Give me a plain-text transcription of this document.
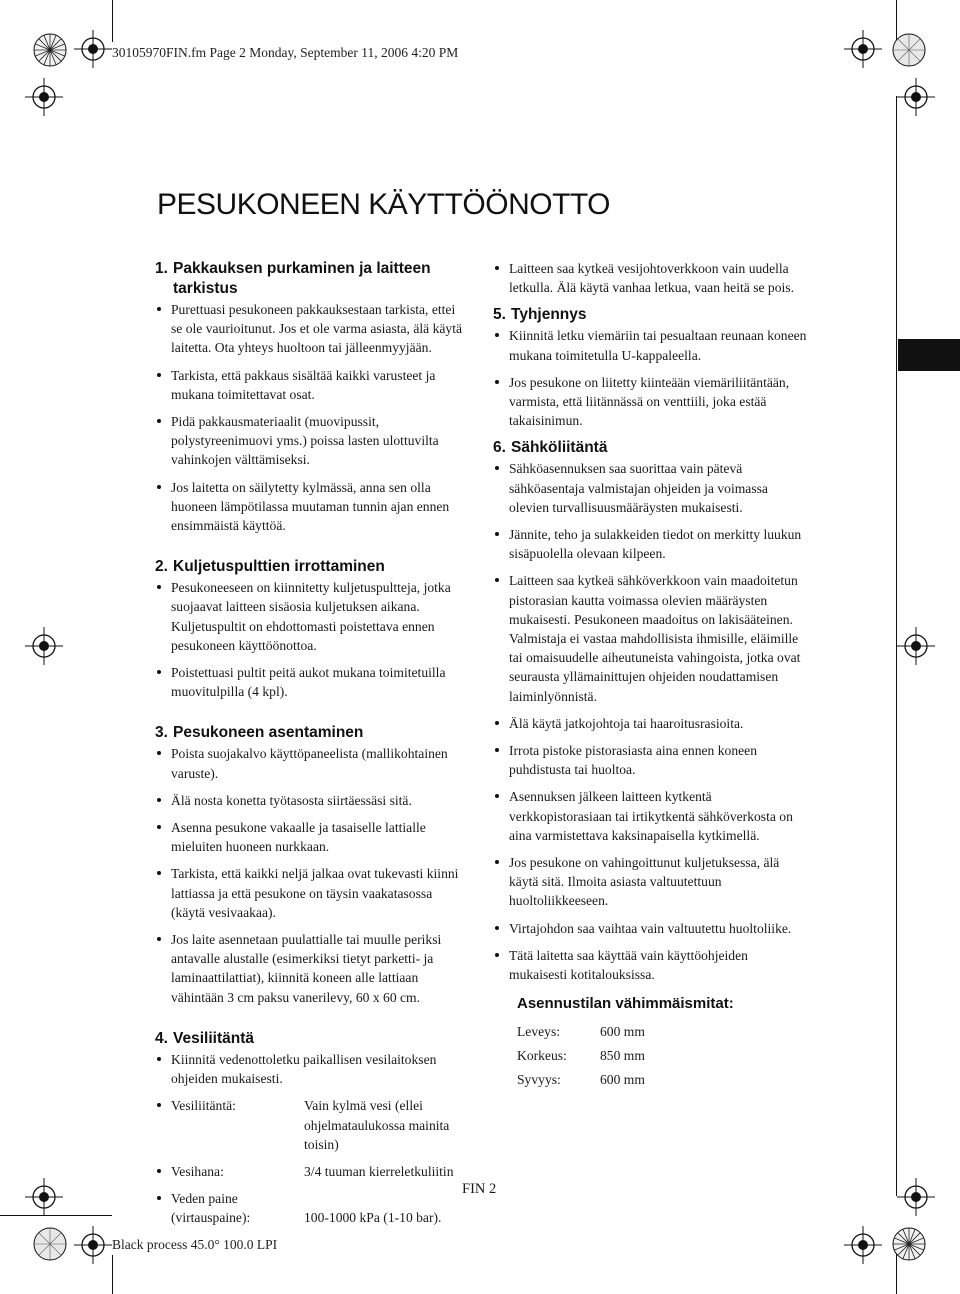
30105970FIN.fm Page 2 Monday, September 11, 2006 4:20 PM
Black process 45.0° 100.0 LPI
PESUKONEEN KÄYTTÖÖNOTTO
1. Pakkauksen purkaminen ja laitteen tarkistus
Purettuasi pesukoneen pakkauksestaan tarkista, ettei se ole vaurioitunut. Jos et ole varma asiasta, älä käytä laitetta. Ota yhteys huoltoon tai jälleenmyyjään.
Tarkista, että pakkaus sisältää kaikki varusteet ja mukana toimitettavat osat.
Pidä pakkausmateriaalit (muovipussit, polystyreenimuovi yms.) poissa lasten ulottuvilta vahinkojen välttämiseksi.
Jos laitetta on säilytetty kylmässä, anna sen olla huoneen lämpötilassa muutaman tunnin ajan ennen ensimmäistä käyttöä.
2. Kuljetuspulttien irrottaminen
Pesukoneeseen on kiinnitetty kuljetuspultteja, jotka suojaavat laitteen sisäosia kuljetuksen aikana. Kuljetuspultit on ehdottomasti poistettava ennen pesukoneen käyttöönottoa.
Poistettuasi pultit peitä aukot mukana toimitetuilla muovitulpilla (4 kpl).
3. Pesukoneen asentaminen
Poista suojakalvo käyttöpaneelista (mallikohtainen varuste).
Älä nosta konetta työtasosta siirtäessäsi sitä.
Asenna pesukone vakaalle ja tasaiselle lattialle mieluiten huoneen nurkkaan.
Tarkista, että kaikki neljä jalkaa ovat tukevasti kiinni lattiassa ja että pesukone on täysin vaakatasossa (käytä vesivaakaa).
Jos laite asennetaan puulattialle tai muulle periksi antavalle alustalle (esimerkiksi tietyt parketti- ja laminaattilattiat), kiinnitä koneen alle lattiaan vähintään 3 cm paksu vanerilevy, 60 x 60 cm.
4. Vesiliitäntä
Kiinnitä vedenottoletku paikallisen vesilaitoksen ohjeiden mukaisesti.
Vesiliitäntä:	Vain kylmä vesi (ellei ohjelmataulukossa mainita toisin)
Vesihana:	3/4 tuuman kierreletkuliitin
Veden paine (virtauspaine):	100-1000 kPa (1-10 bar).
Laitteen saa kytkeä vesijohtoverkkoon vain uudella letkulla. Älä käytä vanhaa letkua, vaan heitä se pois.
5. Tyhjennys
Kiinnitä letku viemäriin tai pesualtaan reunaan koneen mukana toimitetulla U-kappaleella.
Jos pesukone on liitetty kiinteään viemäriliitäntään, varmista, että liitännässä on venttiili, joka estää takaisinimun.
6. Sähköliitäntä
Sähköasennuksen saa suorittaa vain pätevä sähköasentaja valmistajan ohjeiden ja voimassa olevien turvallisuusmääräysten mukaisesti.
Jännite, teho ja sulakkeiden tiedot on merkitty luukun sisäpuolella olevaan kilpeen.
Laitteen saa kytkeä sähköverkkoon vain maadoitetun pistorasian kautta voimassa olevien määräysten mukaisesti. Pesukoneen maadoitus on lakisääteinen. Valmistaja ei vastaa mahdollisista ihmisille, eläimille tai omaisuudelle aiheutuneista vahingoista, jotka ovat seurausta yllämainittujen ohjeiden noudattamisen laiminlyönnistä.
Älä käytä jatkojohtoja tai haaroitusrasioita.
Irrota pistoke pistorasiasta aina ennen koneen puhdistusta tai huoltoa.
Asennuksen jälkeen laitteen kytkentä verkkopistorasiaan tai irtikytkentä sähköverkosta on aina varmistettava kaksinapaisella kytkimellä.
Jos pesukone on vahingoittunut kuljetuksessa, älä käytä sitä. Ilmoita asiasta valtuutettuun huoltoliikkeeseen.
Virtajohdon saa vaihtaa vain valtuutettu huoltoliike.
Tätä laitetta saa käyttää vain käyttöohjeiden mukaisesti kotitalouksissa.
Asennustilan vähimmäismitat:
Leveys:	600 mm
Korkeus:	850 mm
Syvyys:	600 mm
FIN 2
